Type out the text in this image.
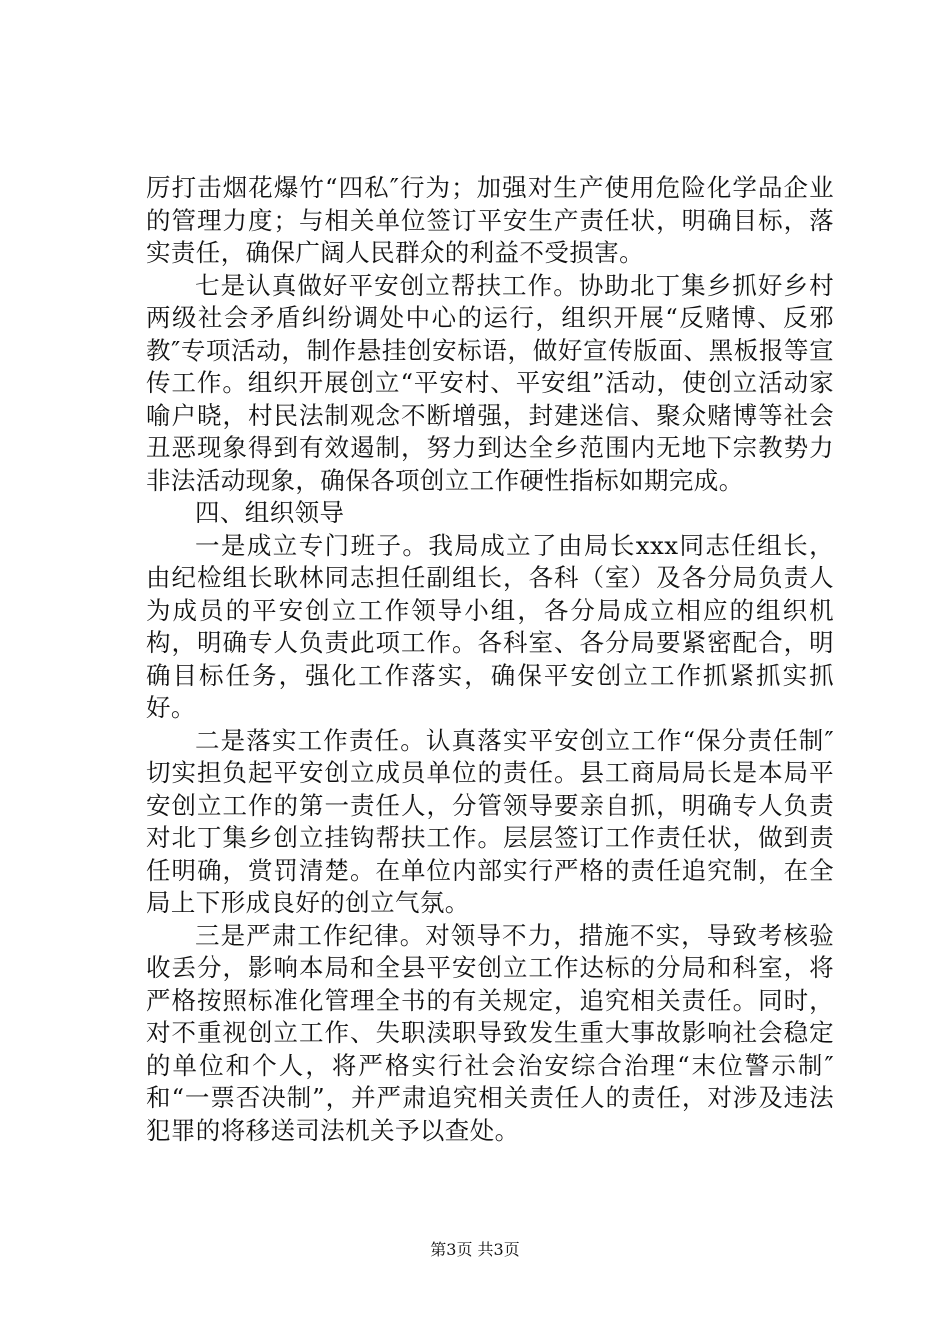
厉打击烟花爆竹“四私″行为；加强对生产使用危险化学品企业的管理力度；与相关单位签订平安生产责任状，明确目标，落实责任，确保广阔人民群众的利益不受损害。

七是认真做好平安创立帮扶工作。协助北丁集乡抓好乡村两级社会矛盾纠纷调处中心的运行，组织开展“反赌博、反邪教″专项活动，制作悬挂创安标语，做好宣传版面、黑板报等宣传工作。组织开展创立“平安村、平安组”活动，使创立活动家喻户晓，村民法制观念不断增强，封建迷信、聚众赌博等社会丑恶现象得到有效遏制，努力到达全乡范围内无地下宗教势力非法活动现象，确保各项创立工作硬性指标如期完成。

四、组织领导

一是成立专门班子。我局成立了由局长xxx同志任组长，由纪检组长耿林同志担任副组长，各科（室）及各分局负责人为成员的平安创立工作领导小组，各分局成立相应的组织机构，明确专人负责此项工作。各科室、各分局要紧密配合，明确目标任务，强化工作落实，确保平安创立工作抓紧抓实抓好。

二是落实工作责任。认真落实平安创立工作“保分责任制″切实担负起平安创立成员单位的责任。县工商局局长是本局平安创立工作的第一责任人，分管领导要亲自抓，明确专人负责对北丁集乡创立挂钩帮扶工作。层层签订工作责任状，做到责任明确，赏罚清楚。在单位内部实行严格的责任追究制，在全局上下形成良好的创立气氛。

三是严肃工作纪律。对领导不力，措施不实，导致考核验收丢分，影响本局和全县平安创立工作达标的分局和科室，将严格按照标准化管理全书的有关规定，追究相关责任。同时，对不重视创立工作、失职渎职导致发生重大事故影响社会稳定的单位和个人，将严格实行社会治安综合治理“末位警示制″和“一票否决制”，并严肃追究相关责任人的责任，对涉及违法犯罪的将移送司法机关予以查处。

第3页 共3页
